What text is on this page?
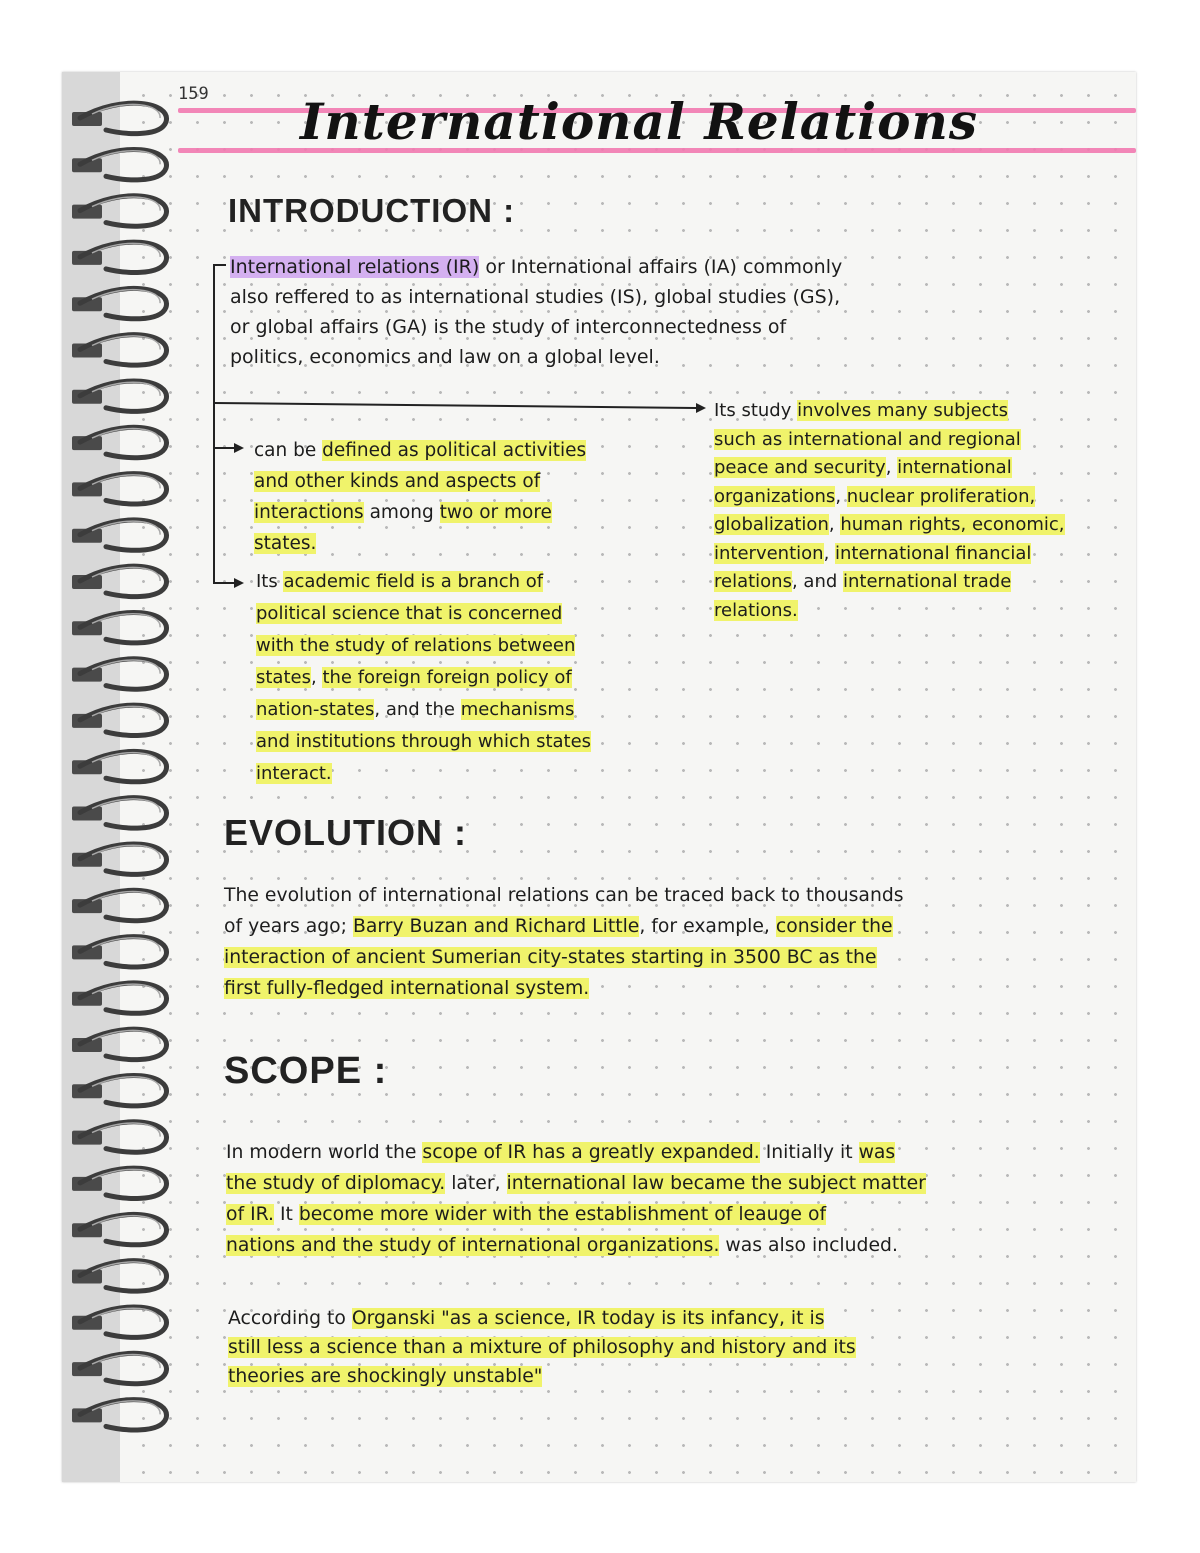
159 International Relations
INTRODUCTION :
International relations (IR) or International affairs (IA) commonly
also reffered to as international studies (IS), global studies (GS),
or global affairs (GA) is the study of interconnectedness of
politics, economics and law on a global level.
Its study involves many subjects
such as international and regional
peace and security, international
organizations, nuclear proliferation,
globalization, human rights, economic,
intervention, international financial
relations, and international trade
relations.
can be defined as political activities
and other kinds and aspects of
interactions among two or more
states.
Its academic field is a branch of
political science that is concerned
with the study of relations between
states, the foreign foreign policy of
nation-states, and the mechanisms
and institutions through which states
interact.
EVOLUTION :
The evolution of international relations can be traced back to thousands
of years ago; Barry Buzan and Richard Little, for example, consider the
interaction of ancient Sumerian city-states starting in 3500 BC as the
first fully-fledged international system.
SCOPE :
In modern world the scope of IR has a greatly expanded. Initially it was
the study of diplomacy. later, international law became the subject matter
of IR. It become more wider with the establishment of leauge of
nations and the study of international organizations. was also included.
According to Organski "as a science, IR today is its infancy, it is
still less a science than a mixture of philosophy and history and its
theories are shockingly unstable"
